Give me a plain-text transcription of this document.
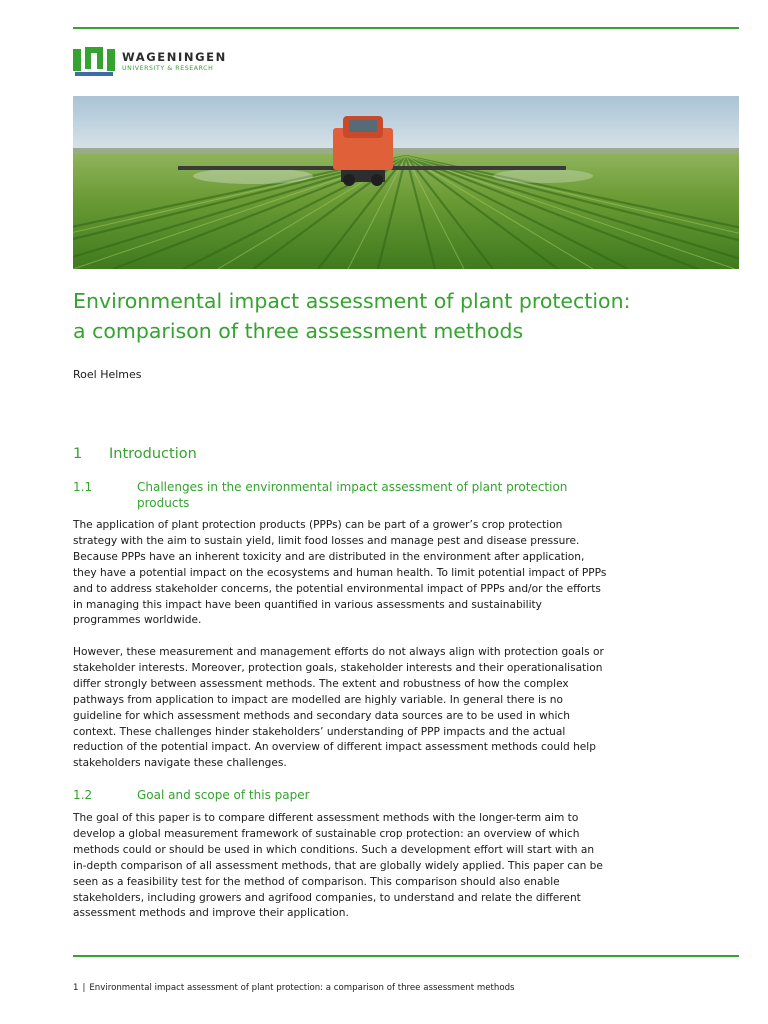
WAGENINGEN
UNIVERSITY & RESEARCH
Environmental impact assessment of plant protection:
a comparison of three assessment methods
Roel Helmes
1	Introduction
1.1	Challenges in the environmental impact assessment of plant protection
products
The application of plant protection products (PPPs) can be part of a grower’s crop protection
strategy with the aim to sustain yield, limit food losses and manage pest and disease pressure.
Because PPPs have an inherent toxicity and are distributed in the environment after application,
they have a potential impact on the ecosystems and human health. To limit potential impact of PPPs
and to address stakeholder concerns, the potential environmental impact of PPPs and/or the efforts
in managing this impact have been quantified in various assessments and sustainability
programmes worldwide.
However, these measurement and management efforts do not always align with protection goals or
stakeholder interests. Moreover, protection goals, stakeholder interests and their operationalisation
differ strongly between assessment methods. The extent and robustness of how the complex
pathways from application to impact are modelled are highly variable. In general there is no
guideline for which assessment methods and secondary data sources are to be used in which
context. These challenges hinder stakeholders’ understanding of PPP impacts and the actual
reduction of the potential impact. An overview of different impact assessment methods could help
stakeholders navigate these challenges.
1.2	Goal and scope of this paper
The goal of this paper is to compare different assessment methods with the longer-term aim to
develop a global measurement framework of sustainable crop protection: an overview of which
methods could or should be used in which conditions. Such a development effort will start with an
in-depth comparison of all assessment methods, that are globally widely applied. This paper can be
seen as a feasibility test for the method of comparison. This comparison should also enable
stakeholders, including growers and agrifood companies, to understand and relate the different
assessment methods and improve their application.
1 | Environmental impact assessment of plant protection: a comparison of three assessment methods
